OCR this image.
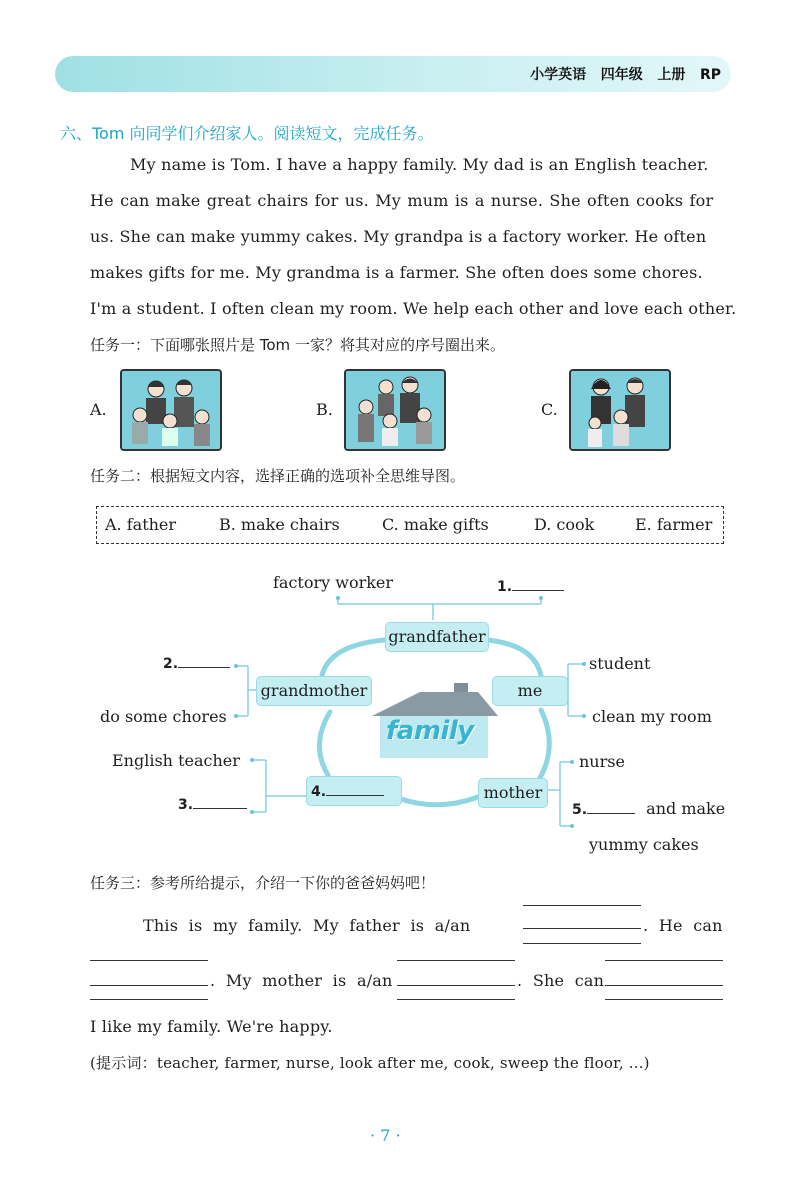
小学英语   四年级   上册   RP
六、Tom 向同学们介绍家人。阅读短文，完成任务。
My name is Tom. I have a happy family. My dad is an English teacher.
He can make great chairs for us. My mum is a nurse. She often cooks for
us. She can make yummy cakes. My grandpa is a factory worker. He often
makes gifts for me. My grandma is a farmer. She often does some chores.
I'm a student. I often clean my room. We help each other and love each other.
任务一：下面哪张照片是 Tom 一家？将其对应的序号圈出来。
A.	B.	C.
任务二：根据短文内容，选择正确的选项补全思维导图。
A. father	B. make chairs	C. make gifts	D. cook	E. farmer
family
grandfather
grandmother	me
4.	mother
factory worker	1.
2.
do some chores
student
clean my room
English teacher
3.
nurse
5.	and make
yummy cakes
任务三：参考所给提示，介绍一下你的爸爸妈妈吧！
This  is  my  family.  My  father  is  a/an	.  He  can
.  My  mother  is  a/an	.  She  can
I like my family. We're happy.
(提示词：teacher, farmer, nurse, look after me, cook, sweep the floor, ...)
· 7 ·
